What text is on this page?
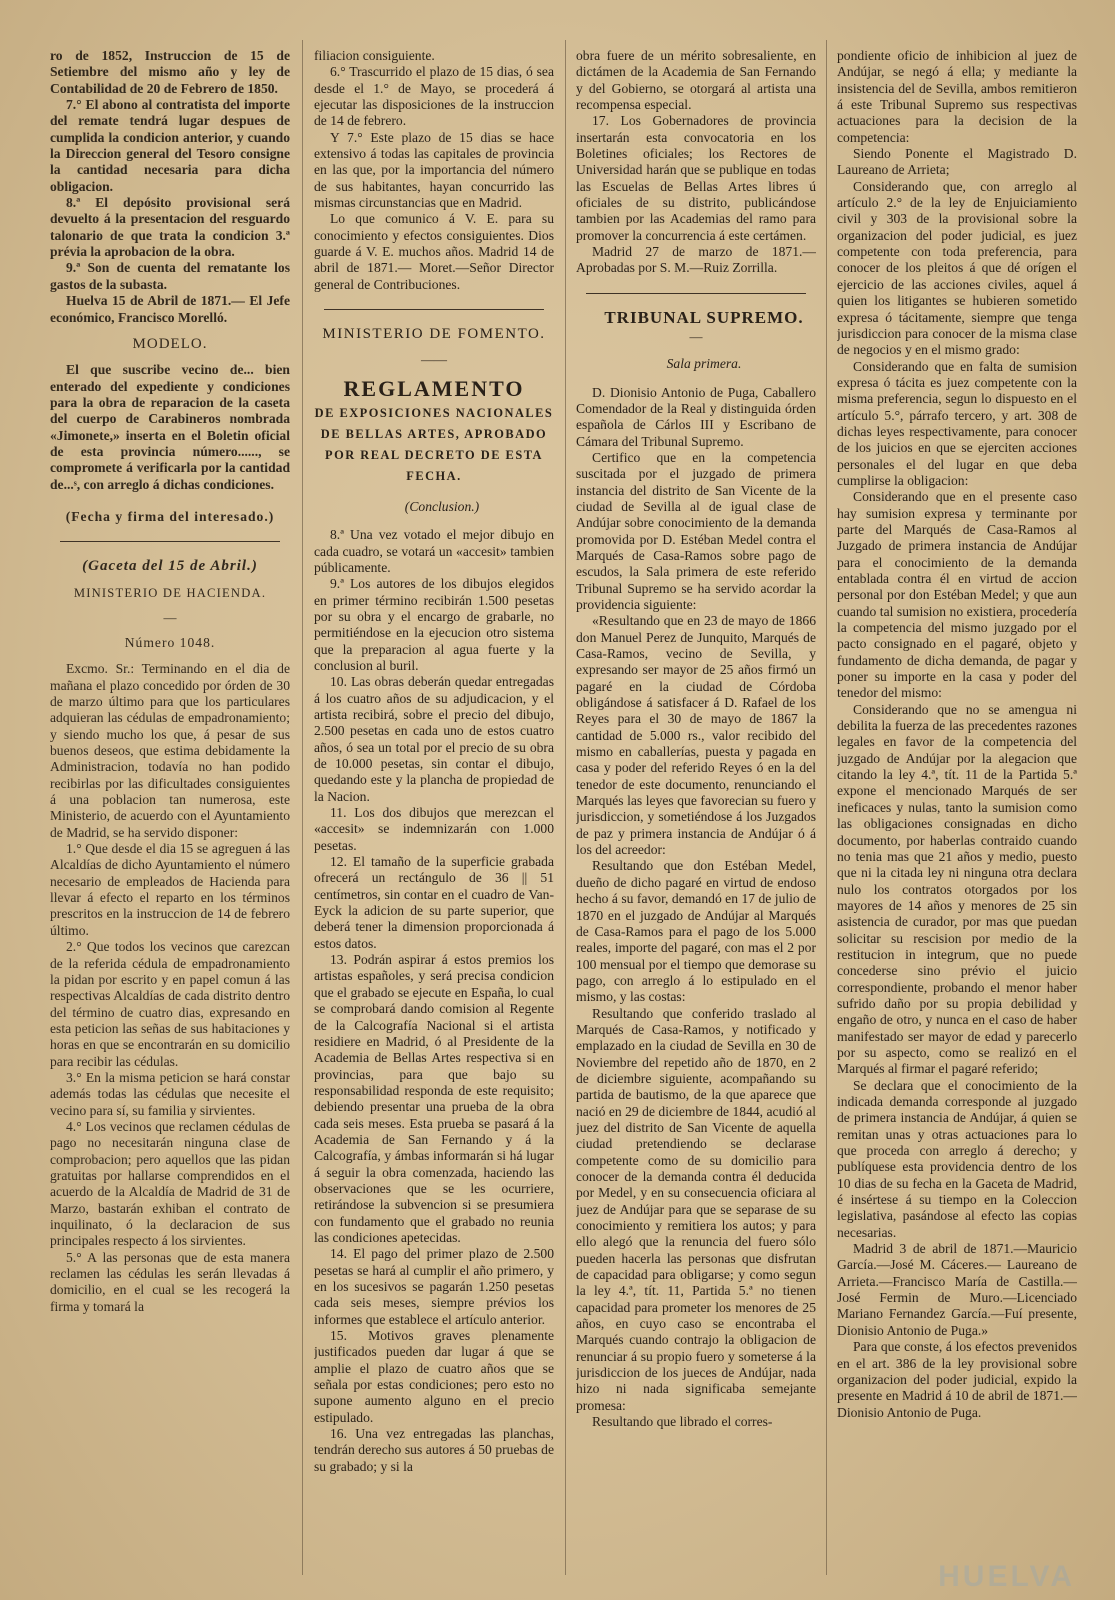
ro de 1852, Instruccion de 15 de Setiembre del mismo año y ley de Contabilidad de 20 de Febrero de 1850.

7.° El abono al contratista del importe del remate tendrá lugar despues de cumplida la condicion anterior, y cuando la Direccion general del Tesoro consigne la cantidad necesaria para dicha obligacion.

8.ª El depósito provisional será devuelto á la presentacion del resguardo talonario de que trata la condicion 3.ª prévia la aprobacion de la obra.

9.ª Son de cuenta del rematante los gastos de la subasta.

Huelva 15 de Abril de 1871.— El Jefe económico, Francisco Morelló.

MODELO.

El que suscribe vecino de... bien enterado del expediente y condiciones para la obra de reparacion de la caseta del cuerpo de Carabineros nombrada «Jimonete,» inserta en el Boletin oficial de esta provincia número......, se compromete á verificarla por la cantidad de...ˢ, con arreglo á dichas condiciones.

(Fecha y firma del interesado.)

(Gaceta del 15 de Abril.)

MINISTERIO DE HACIENDA.

—

Número 1048.

Excmo. Sr.: Terminando en el dia de mañana el plazo concedido por órden de 30 de marzo último para que los particulares adquieran las cédulas de empadronamiento; y siendo mucho los que, á pesar de sus buenos deseos, que estima debidamente la Administracion, todavía no han podido recibirlas por las dificultades consiguientes á una poblacion tan numerosa, este Ministerio, de acuerdo con el Ayuntamiento de Madrid, se ha servido disponer:

1.° Que desde el dia 15 se agreguen á las Alcaldías de dicho Ayuntamiento el número necesario de empleados de Hacienda para llevar á efecto el reparto en los términos prescritos en la instruccion de 14 de febrero último.

2.° Que todos los vecinos que carezcan de la referida cédula de empadronamiento la pidan por escrito y en papel comun á las respectivas Alcaldías de cada distrito dentro del término de cuatro dias, expresando en esta peticion las señas de sus habitaciones y horas en que se encontrarán en su domicilio para recibir las cédulas.

3.° En la misma peticion se hará constar además todas las cédulas que necesite el vecino para sí, su familia y sirvientes.

4.° Los vecinos que reclamen cédulas de pago no necesitarán ninguna clase de comprobacion; pero aquellos que las pidan gratuitas por hallarse comprendidos en el acuerdo de la Alcaldía de Madrid de 31 de Marzo, bastarán exhiban el contrato de inquilinato, ó la declaracion de sus principales respecto á los sirvientes.

5.° A las personas que de esta manera reclamen las cédulas les serán llevadas á domicilio, en el cual se les recogerá la firma y tomará la

filiacion consiguiente.

6.° Trascurrido el plazo de 15 dias, ó sea desde el 1.° de Mayo, se procederá á ejecutar las disposiciones de la instruccion de 14 de febrero.

Y 7.° Este plazo de 15 dias se hace extensivo á todas las capitales de provincia en las que, por la importancia del número de sus habitantes, hayan concurrido las mismas circunstancias que en Madrid.

Lo que comunico á V. E. para su conocimiento y efectos consiguientes. Dios guarde á V. E. muchos años. Madrid 14 de abril de 1871.— Moret.—Señor Director general de Contribuciones.

MINISTERIO DE FOMENTO.

——

REGLAMENTO

DE EXPOSICIONES NACIONALES DE BELLAS ARTES, APROBADO POR REAL DECRETO DE ESTA FECHA.

(Conclusion.)

8.ª Una vez votado el mejor dibujo en cada cuadro, se votará un «accesit» tambien públicamente.

9.ª Los autores de los dibujos elegidos en primer término recibirán 1.500 pesetas por su obra y el encargo de grabarle, no permitiéndose en la ejecucion otro sistema que la preparacion al agua fuerte y la conclusion al buril.

10. Las obras deberán quedar entregadas á los cuatro años de su adjudicacion, y el artista recibirá, sobre el precio del dibujo, 2.500 pesetas en cada uno de estos cuatro años, ó sea un total por el precio de su obra de 10.000 pesetas, sin contar el dibujo, quedando este y la plancha de propiedad de la Nacion.

11. Los dos dibujos que merezcan el «accesit» se indemnizarán con 1.000 pesetas.

12. El tamaño de la superficie grabada ofrecerá un rectángulo de 36 || 51 centímetros, sin contar en el cuadro de Van-Eyck la adicion de su parte superior, que deberá tener la dimension proporcionada á estos datos.

13. Podrán aspirar á estos premios los artistas españoles, y será precisa condicion que el grabado se ejecute en España, lo cual se comprobará dando comision al Regente de la Calcografía Nacional si el artista residiere en Madrid, ó al Presidente de la Academia de Bellas Artes respectiva si en provincias, para que bajo su responsabilidad responda de este requisito; debiendo presentar una prueba de la obra cada seis meses. Esta prueba se pasará á la Academia de San Fernando y á la Calcografía, y ámbas informarán si há lugar á seguir la obra comenzada, haciendo las observaciones que se les ocurriere, retirándose la subvencion si se presumiera con fundamento que el grabado no reunia las condiciones apetecidas.

14. El pago del primer plazo de 2.500 pesetas se hará al cumplir el año primero, y en los sucesivos se pagarán 1.250 pesetas cada seis meses, siempre prévios los informes que establece el artículo anterior.

15. Motivos graves plenamente justificados pueden dar lugar á que se amplie el plazo de cuatro años que se señala por estas condiciones; pero esto no supone aumento alguno en el precio estipulado.

16. Una vez entregadas las planchas, tendrán derecho sus autores á 50 pruebas de su grabado; y si la

obra fuere de un mérito sobresaliente, en dictámen de la Academia de San Fernando y del Gobierno, se otorgará al artista una recompensa especial.

17. Los Gobernadores de provincia insertarán esta convocatoria en los Boletines oficiales; los Rectores de Universidad harán que se publique en todas las Escuelas de Bellas Artes libres ú oficiales de su distrito, publicándose tambien por las Academias del ramo para promover la concurrencia á este certámen.

Madrid 27 de marzo de 1871.— Aprobadas por S. M.—Ruiz Zorrilla.

TRIBUNAL SUPREMO.

—

Sala primera.

D. Dionisio Antonio de Puga, Caballero Comendador de la Real y distinguida órden española de Cárlos III y Escribano de Cámara del Tribunal Supremo.

Certifico que en la competencia suscitada por el juzgado de primera instancia del distrito de San Vicente de la ciudad de Sevilla al de igual clase de Andújar sobre conocimiento de la demanda promovida por D. Estéban Medel contra el Marqués de Casa-Ramos sobre pago de escudos, la Sala primera de este referido Tribunal Supremo se ha servido acordar la providencia siguiente:

«Resultando que en 23 de mayo de 1866 don Manuel Perez de Junquito, Marqués de Casa-Ramos, vecino de Sevilla, y expresando ser mayor de 25 años firmó un pagaré en la ciudad de Córdoba obligándose á satisfacer á D. Rafael de los Reyes para el 30 de mayo de 1867 la cantidad de 5.000 rs., valor recibido del mismo en caballerías, puesta y pagada en casa y poder del referido Reyes ó en la del tenedor de este documento, renunciando el Marqués las leyes que favorecian su fuero y jurisdiccion, y sometiéndose á los Juzgados de paz y primera instancia de Andújar ó á los del acreedor:

Resultando que don Estéban Medel, dueño de dicho pagaré en virtud de endoso hecho á su favor, demandó en 17 de julio de 1870 en el juzgado de Andújar al Marqués de Casa-Ramos para el pago de los 5.000 reales, importe del pagaré, con mas el 2 por 100 mensual por el tiempo que demorase su pago, con arreglo á lo estipulado en el mismo, y las costas:

Resultando que conferido traslado al Marqués de Casa-Ramos, y notificado y emplazado en la ciudad de Sevilla en 30 de Noviembre del repetido año de 1870, en 2 de diciembre siguiente, acompañando su partida de bautismo, de la que aparece que nació en 29 de diciembre de 1844, acudió al juez del distrito de San Vicente de aquella ciudad pretendiendo se declarase competente como de su domicilio para conocer de la demanda contra él deducida por Medel, y en su consecuencia oficiara al juez de Andújar para que se separase de su conocimiento y remitiera los autos; y para ello alegó que la renuncia del fuero sólo pueden hacerla las personas que disfrutan de capacidad para obligarse; y como segun la ley 4.ª, tít. 11, Partida 5.ª no tienen capacidad para prometer los menores de 25 años, en cuyo caso se encontraba el Marqués cuando contrajo la obligacion de renunciar á su propio fuero y someterse á la jurisdiccion de los jueces de Andújar, nada hizo ni nada significaba semejante promesa:

Resultando que librado el corres-

pondiente oficio de inhibicion al juez de Andújar, se negó á ella; y mediante la insistencia del de Sevilla, ambos remitieron á este Tribunal Supremo sus respectivas actuaciones para la decision de la competencia:

Siendo Ponente el Magistrado D. Laureano de Arrieta;

Considerando que, con arreglo al artículo 2.° de la ley de Enjuiciamiento civil y 303 de la provisional sobre la organizacion del poder judicial, es juez competente con toda preferencia, para conocer de los pleitos á que dé orígen el ejercicio de las acciones civiles, aquel á quien los litigantes se hubieren sometido expresa ó tácitamente, siempre que tenga jurisdiccion para conocer de la misma clase de negocios y en el mismo grado:

Considerando que en falta de sumision expresa ó tácita es juez competente con la misma preferencia, segun lo dispuesto en el artículo 5.°, párrafo tercero, y art. 308 de dichas leyes respectivamente, para conocer de los juicios en que se ejerciten acciones personales el del lugar en que deba cumplirse la obligacion:

Considerando que en el presente caso hay sumision expresa y terminante por parte del Marqués de Casa-Ramos al Juzgado de primera instancia de Andújar para el conocimiento de la demanda entablada contra él en virtud de accion personal por don Estéban Medel; y que aun cuando tal sumision no existiera, procedería la competencia del mismo juzgado por el pacto consignado en el pagaré, objeto y fundamento de dicha demanda, de pagar y poner su importe en la casa y poder del tenedor del mismo:

Considerando que no se amengua ni debilita la fuerza de las precedentes razones legales en favor de la competencia del juzgado de Andújar por la alegacion que citando la ley 4.ª, tít. 11 de la Partida 5.ª expone el mencionado Marqués de ser ineficaces y nulas, tanto la sumision como las obligaciones consignadas en dicho documento, por haberlas contraido cuando no tenia mas que 21 años y medio, puesto que ni la citada ley ni ninguna otra declara nulo los contratos otorgados por los mayores de 14 años y menores de 25 sin asistencia de curador, por mas que puedan solicitar su rescision por medio de la restitucion in integrum, que no puede concederse sino prévio el juicio correspondiente, probando el menor haber sufrido daño por su propia debilidad y engaño de otro, y nunca en el caso de haber manifestado ser mayor de edad y parecerlo por su aspecto, como se realizó en el Marqués al firmar el pagaré referido;

Se declara que el conocimiento de la indicada demanda corresponde al juzgado de primera instancia de Andújar, á quien se remitan unas y otras actuaciones para lo que proceda con arreglo á derecho; y publíquese esta providencia dentro de los 10 dias de su fecha en la Gaceta de Madrid, é insértese á su tiempo en la Coleccion legislativa, pasándose al efecto las copias necesarias.

Madrid 3 de abril de 1871.—Mauricio García.—José M. Cáceres.— Laureano de Arrieta.—Francisco María de Castilla.—José Fermin de Muro.—Licenciado Mariano Fernandez García.—Fuí presente, Dionisio Antonio de Puga.»

Para que conste, á los efectos prevenidos en el art. 386 de la ley provisional sobre organizacion del poder judicial, expido la presente en Madrid á 10 de abril de 1871.—Dionisio Antonio de Puga.

HUELVA
